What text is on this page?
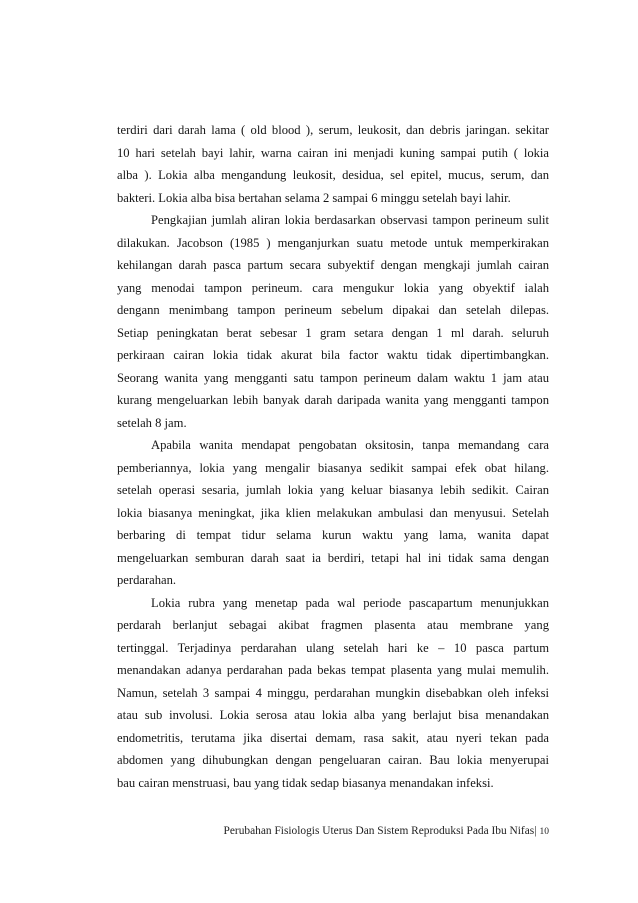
terdiri dari darah lama ( old blood ), serum, leukosit, dan debris jaringan. sekitar
10 hari setelah bayi lahir, warna cairan ini menjadi kuning sampai putih ( lokia
alba ). Lokia alba mengandung leukosit, desidua, sel epitel, mucus, serum, dan
bakteri. Lokia alba bisa bertahan selama 2 sampai 6 minggu setelah bayi lahir.
Pengkajian jumlah aliran lokia berdasarkan observasi tampon perineum sulit
dilakukan. Jacobson (1985 ) menganjurkan suatu metode untuk memperkirakan
kehilangan darah pasca partum secara subyektif dengan mengkaji jumlah cairan
yang menodai tampon perineum. cara mengukur lokia yang obyektif ialah
dengann menimbang tampon perineum sebelum dipakai dan setelah dilepas.
Setiap peningkatan berat sebesar 1 gram setara dengan 1 ml darah. seluruh
perkiraan cairan lokia tidak akurat bila factor waktu tidak dipertimbangkan.
Seorang wanita yang mengganti satu tampon perineum dalam waktu 1 jam atau
kurang mengeluarkan lebih banyak darah daripada wanita yang mengganti tampon
setelah 8 jam.
Apabila wanita mendapat pengobatan oksitosin, tanpa memandang cara
pemberiannya, lokia yang mengalir biasanya sedikit sampai efek obat hilang.
setelah operasi sesaria, jumlah lokia yang keluar biasanya lebih sedikit. Cairan
lokia biasanya meningkat, jika klien melakukan ambulasi dan menyusui. Setelah
berbaring di tempat tidur selama kurun waktu yang lama, wanita dapat
mengeluarkan semburan darah saat ia berdiri, tetapi hal ini tidak sama dengan
perdarahan.
Lokia rubra yang menetap pada wal periode pascapartum menunjukkan
perdarah berlanjut sebagai akibat fragmen plasenta atau membrane yang
tertinggal. Terjadinya perdarahan ulang setelah hari ke – 10 pasca partum
menandakan adanya perdarahan pada bekas tempat plasenta yang mulai memulih.
Namun, setelah 3 sampai 4 minggu, perdarahan mungkin disebabkan oleh infeksi
atau sub involusi. Lokia serosa atau lokia alba yang berlajut bisa menandakan
endometritis, terutama jika disertai demam, rasa sakit, atau nyeri tekan pada
abdomen yang dihubungkan dengan pengeluaran cairan. Bau lokia menyerupai
bau cairan menstruasi, bau yang tidak sedap biasanya menandakan infeksi.
Perubahan Fisiologis Uterus Dan Sistem Reproduksi Pada Ibu Nifas| 10
